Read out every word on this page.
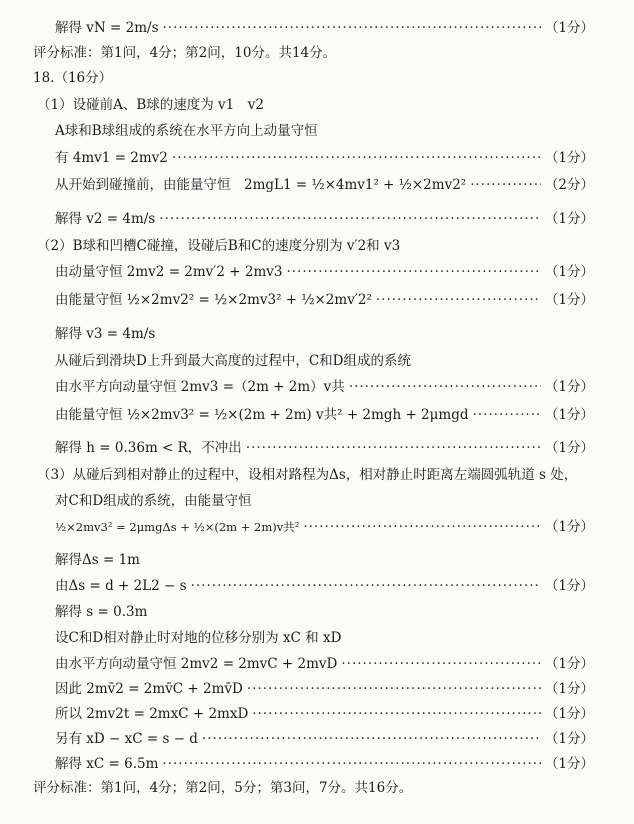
解得 vN = 2m/s ·····	（1分）
评分标准：第1问，4分；第2问，10分。共14分。
18.（16分）
（1）设碰前A、B球的速度为 v1　v2
A球和B球组成的系统在水平方向上动量守恒
有 4mv1 = 2mv2 ·····	（1分）
从开始到碰撞前，由能量守恒　2mgL1 = ½×4mv1² + ½×2mv2² ·····	（2分）
解得 v2 = 4m/s ·····	（1分）
（2）B球和凹槽C碰撞，设碰后B和C的速度分别为 v′2和 v3
由动量守恒 2mv2 = 2mv′2 + 2mv3 ·····	（1分）
由能量守恒 ½×2mv2² = ½×2mv3² + ½×2mv′2² ·····	（1分）
解得 v3 = 4m/s
从碰后到滑块D上升到最大高度的过程中，C和D组成的系统
由水平方向动量守恒 2mv3 =（2m + 2m）v共 ·····	（1分）
由能量守恒 ½×2mv3² = ½×(2m + 2m) v共² + 2mgh + 2μmgd ·····	（1分）
解得 h = 0.36m < R，不冲出 ·····	（1分）
（3）从碰后到相对静止的过程中，设相对路程为Δs，相对静止时距离左端圆弧轨道 s 处，
对C和D组成的系统，由能量守恒
½×2mv3² = 2μmgΔs + ½×(2m + 2m)v共² ·····	（1分）
解得Δs = 1m
由Δs = d + 2L2 − s ·····	（1分）
解得 s = 0.3m
设C和D相对静止时对地的位移分别为 xC 和 xD
由水平方向动量守恒 2mv2 = 2mvC + 2mvD ·····	（1分）
因此 2mv̄2 = 2mv̄C + 2mv̄D ·····	（1分）
所以 2mv2t = 2mxC + 2mxD ·····	（1分）
另有 xD − xC = s − d ·····	（1分）
解得 xC = 6.5m ·····	（1分）
评分标准：第1问，4分；第2问，5分；第3问，7分。共16分。
